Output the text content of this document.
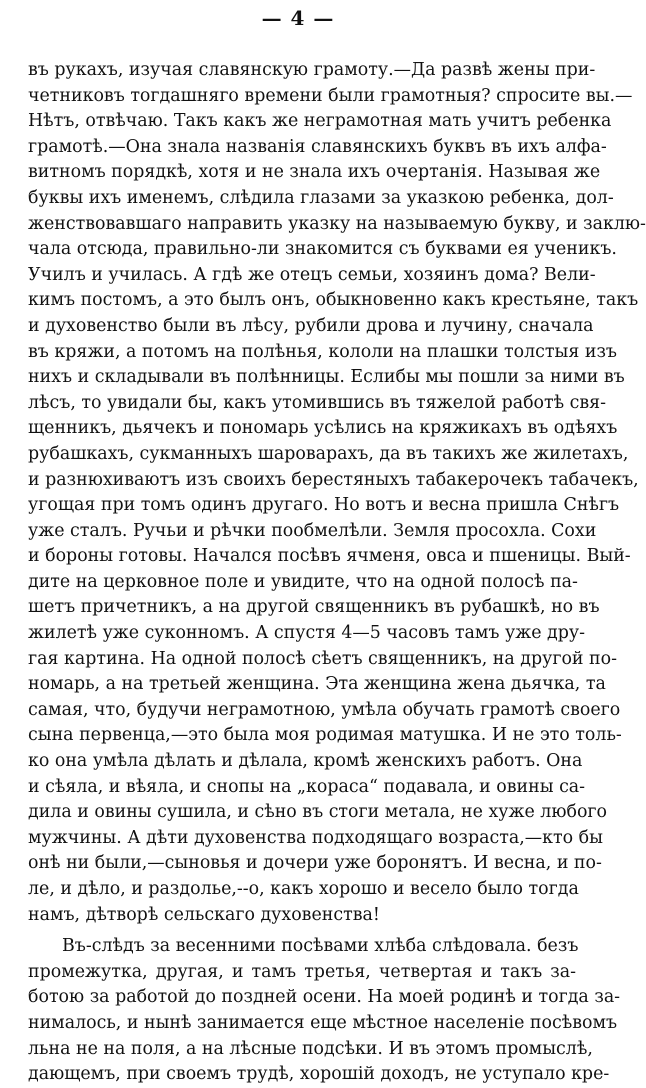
— 4 —
въ рукахъ, изучая славянскую грамоту.—Да развѣ жены при-
четниковъ тогдашняго времени были грамотныя? спросите вы.—
Нѣтъ, отвѣчаю. Такъ какъ же неграмотная мать учитъ ребенка
грамотѣ.—Она знала названія славянскихъ буквъ въ ихъ алфа-
витномъ порядкѣ, хотя и не знала ихъ очертанія. Называя же
буквы ихъ именемъ, слѣдила глазами за указкою ребенка, дол-
женствовавшаго направить указку на называемую букву, и заклю-
чала отсюда, правильно-ли знакомится съ буквами ея ученикъ.
Училъ и училась. А гдѣ же отецъ семьи, хозяинъ дома? Вели-
кимъ постомъ, а это былъ онъ, обыкновенно какъ крестьяне, такъ
и духовенство были въ лѣсу, рубили дрова и лучину, сначала
въ кряжи, а потомъ на полѣнья, кололи на плашки толстыя изъ
нихъ и складывали въ полѣнницы. Еслибы мы пошли за ними въ
лѣсъ, то увидали бы, какъ утомившись въ тяжелой работѣ свя-
щенникъ, дьячекъ и пономарь усѣлись на кряжикахъ въ одѣяхъ
рубашкахъ, сукманныхъ шароварахъ, да въ такихъ же жилетахъ,
и разнюхиваютъ изъ своихъ берестяныхъ табакерочекъ табачекъ,
угощая при томъ одинъ другаго. Но вотъ и весна пришла Снѣгъ
уже сталъ. Ручьи и рѣчки пообмелѣли. Земля просохла. Сохи
и бороны готовы. Начался посѣвъ ячменя, овса и пшеницы. Вый-
дите на церковное поле и увидите, что на одной полосѣ па-
шетъ причетникъ, а на другой священникъ въ рубашкѣ, но въ
жилетѣ уже суконномъ. А спустя 4—5 часовъ тамъ уже дру-
гая картина. На одной полосѣ сѣетъ священникъ, на другой по-
номарь, а на третьей женщина. Эта женщина жена дьячка, та
самая, что, будучи неграмотною, умѣла обучать грамотѣ своего
сына первенца,—это была моя родимая матушка. И не это толь-
ко она умѣла дѣлать и дѣлала, кромѣ женскихъ работъ. Она
и сѣяла, и вѣяла, и снопы на „кораса“ подавала, и овины са-
дила и овины сушила, и сѣно въ стоги метала, не хуже любого
мужчины. А дѣти духовенства подходящаго возраста,—кто бы
онѣ ни были,—сыновья и дочери уже боронятъ. И весна, и по-
ле, и дѣло, и раздолье,--о, какъ хорошо и весело было тогда
намъ, дѣтворѣ сельскаго духовенства!
Въ-слѣдъ за весенними посѣвами хлѣба слѣдовала. безъ
промежутка, другая, и тамъ третья, четвертая и такъ за-
ботою за работой до поздней осени. На моей родинѣ и тогда за-
нималось, и нынѣ занимается еще мѣстное населеніе посѣвомъ
льна не на поля, а на лѣсные подсѣки. И въ этомъ промыслѣ,
дающемъ, при своемъ трудѣ, хорошій доходъ, не уступало кре-
